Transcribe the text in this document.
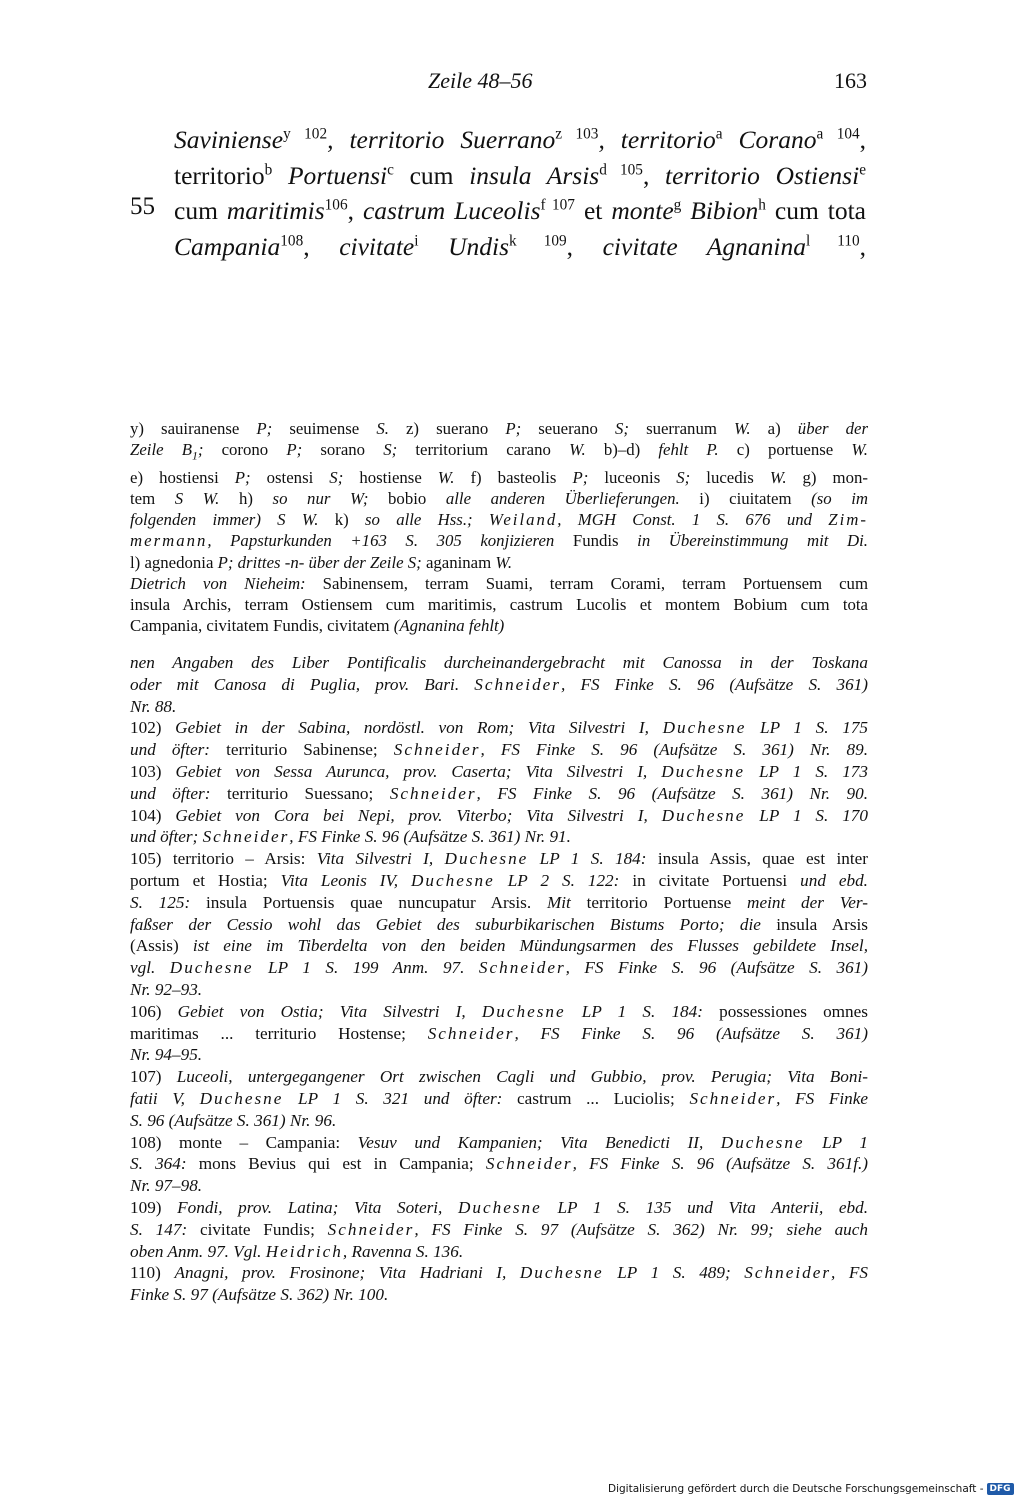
Zeile 48–56	163
55
Saviniense$^{y 102}$, territorio Suerrano$^{z 103}$, territorio$^a$ Corano$^{a 104}$,
territorio$^b$ Portuensi$^c$ cum insula Arsis$^{d 105}$, territorio Ostiensi$^e$
cum maritimis$^{106}$, castrum Luceolis$^{f 107}$ et monte$^g$ Bibion$^h$ cum tota
Campania$^{108}$, civitate$^i$ Undis$^{k 109}$, civitate Agnanina$^{l 110}$,
y) sauiranense P; seuimense S. z) suerano P; seuerano S; suerranum W. a) über der
Zeile $B_1$; corono P; sorano S; territorium carano W. b)–d) fehlt P. c) portuense W.
e) hostiensi P; ostensi S; hostiense W. f) basteolis P; luceonis S; lucedis W. g) mon-
tem S W. h) so nur W; bobio alle anderen Überlieferungen. i) ciuitatem (so im
folgenden immer) S W. k) so alle Hss.; Weiland, MGH Const. 1 S. 676 und Zim-
mermann, Papsturkunden +163 S. 305 konjizieren Fundis in Übereinstimmung mit Di.
l) agnedonia P; drittes -n- über der Zeile S; aganinam W.
Dietrich von Nieheim: Sabinensem, terram Suami, terram Corami, terram Portuensem cum
insula Archis, terram Ostiensem cum maritimis, castrum Lucolis et montem Bobium cum tota
Campania, civitatem Fundis, civitatem (Agnanina fehlt)
nen Angaben des Liber Pontificalis durcheinandergebracht mit Canossa in der Toskana
oder mit Canosa di Puglia, prov. Bari. Schneider, FS Finke S. 96 (Aufsätze S. 361)
Nr. 88.
102) Gebiet in der Sabina, nordöstl. von Rom; Vita Silvestri I, Duchesne LP 1 S. 175
und öfter: territurio Sabinense; Schneider, FS Finke S. 96 (Aufsätze S. 361) Nr. 89.
103) Gebiet von Sessa Aurunca, prov. Caserta; Vita Silvestri I, Duchesne LP 1 S. 173
und öfter: territurio Suessano; Schneider, FS Finke S. 96 (Aufsätze S. 361) Nr. 90.
104) Gebiet von Cora bei Nepi, prov. Viterbo; Vita Silvestri I, Duchesne LP 1 S. 170
und öfter; Schneider, FS Finke S. 96 (Aufsätze S. 361) Nr. 91.
105) territorio – Arsis: Vita Silvestri I, Duchesne LP 1 S. 184: insula Assis, quae est inter
portum et Hostia; Vita Leonis IV, Duchesne LP 2 S. 122: in civitate Portuensi und ebd.
S. 125: insula Portuensis quae nuncupatur Arsis. Mit territorio Portuense meint der Ver-
faßser der Cessio wohl das Gebiet des suburbikarischen Bistums Porto; die insula Arsis
(Assis) ist eine im Tiberdelta von den beiden Mündungsarmen des Flusses gebildete Insel,
vgl. Duchesne LP 1 S. 199 Anm. 97. Schneider, FS Finke S. 96 (Aufsätze S. 361)
Nr. 92–93.
106) Gebiet von Ostia; Vita Silvestri I, Duchesne LP 1 S. 184: possessiones omnes
maritimas ... territurio Hostense; Schneider, FS Finke S. 96 (Aufsätze S. 361)
Nr. 94–95.
107) Luceoli, untergegangener Ort zwischen Cagli und Gubbio, prov. Perugia; Vita Boni-
fatii V, Duchesne LP 1 S. 321 und öfter: castrum ... Luciolis; Schneider, FS Finke
S. 96 (Aufsätze S. 361) Nr. 96.
108) monte – Campania: Vesuv und Kampanien; Vita Benedicti II, Duchesne LP 1
S. 364: mons Bevius qui est in Campania; Schneider, FS Finke S. 96 (Aufsätze S. 361f.)
Nr. 97–98.
109) Fondi, prov. Latina; Vita Soteri, Duchesne LP 1 S. 135 und Vita Anterii, ebd.
S. 147: civitate Fundis; Schneider, FS Finke S. 97 (Aufsätze S. 362) Nr. 99; siehe auch
oben Anm. 97. Vgl. Heidrich, Ravenna S. 136.
110) Anagni, prov. Frosinone; Vita Hadriani I, Duchesne LP 1 S. 489; Schneider, FS
Finke S. 97 (Aufsätze S. 362) Nr. 100.
Digitalisierung gefördert durch die Deutsche Forschungsgemeinschaft - DFG
